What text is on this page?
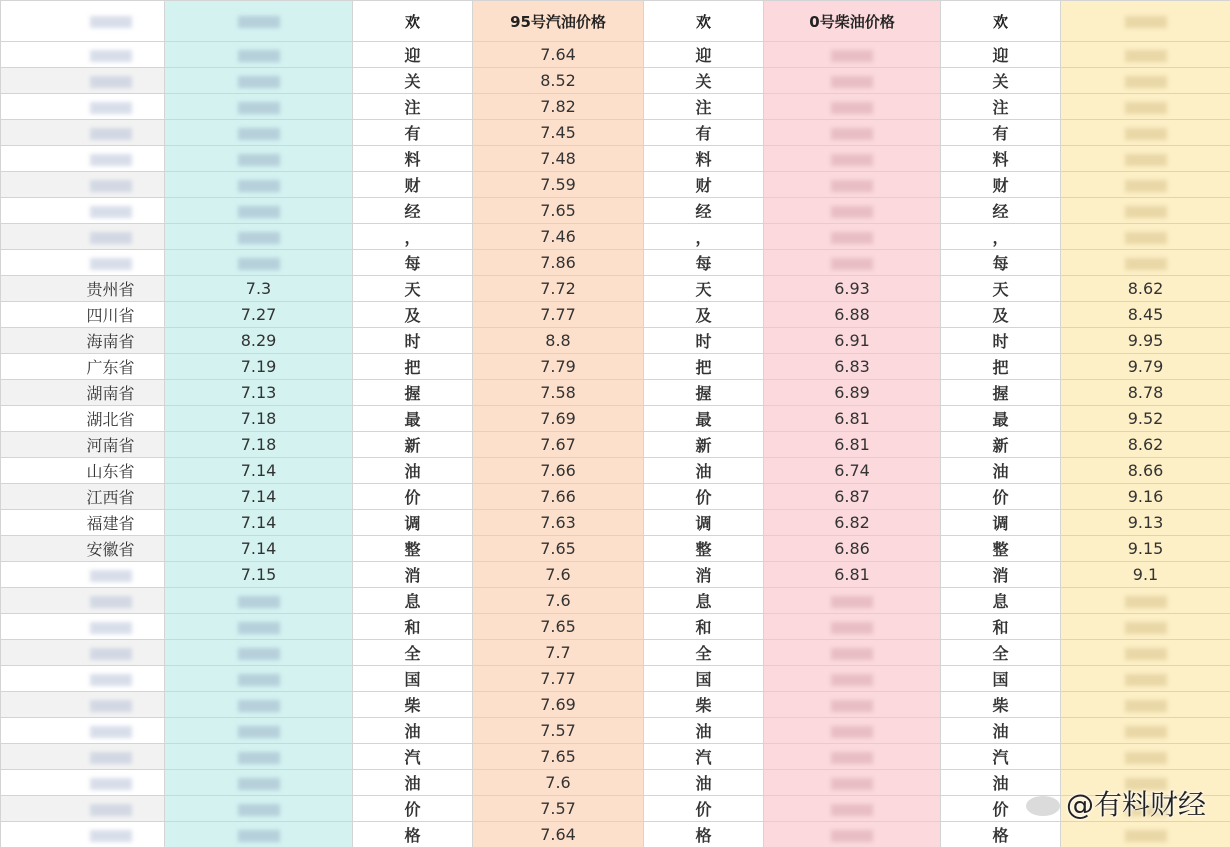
		欢	95号汽油价格	欢	0号柴油价格	欢	
		迎	7.64	迎		迎	
		关	8.52	关		关	
		注	7.82	注		注	
		有	7.45	有		有	
		料	7.48	料		料	
		财	7.59	财		财	
		经	7.65	经		经	
		，	7.46	，		，	
		每	7.86	每		每	
贵州省	7.3	天	7.72	天	6.93	天	8.62
四川省	7.27	及	7.77	及	6.88	及	8.45
海南省	8.29	时	8.8	时	6.91	时	9.95
广东省	7.19	把	7.79	把	6.83	把	9.79
湖南省	7.13	握	7.58	握	6.89	握	8.78
湖北省	7.18	最	7.69	最	6.81	最	9.52
河南省	7.18	新	7.67	新	6.81	新	8.62
山东省	7.14	油	7.66	油	6.74	油	8.66
江西省	7.14	价	7.66	价	6.87	价	9.16
福建省	7.14	调	7.63	调	6.82	调	9.13
安徽省	7.14	整	7.65	整	6.86	整	9.15
	7.15	消	7.6	消	6.81	消	9.1
		息	7.6	息		息	
		和	7.65	和		和	
		全	7.7	全		全	
		国	7.77	国		国	
		柴	7.69	柴		柴	
		油	7.57	油		油	
		汽	7.65	汽		汽	
		油	7.6	油		油	
		价	7.57	价		价	
		格	7.64	格		格	
@有料财经
